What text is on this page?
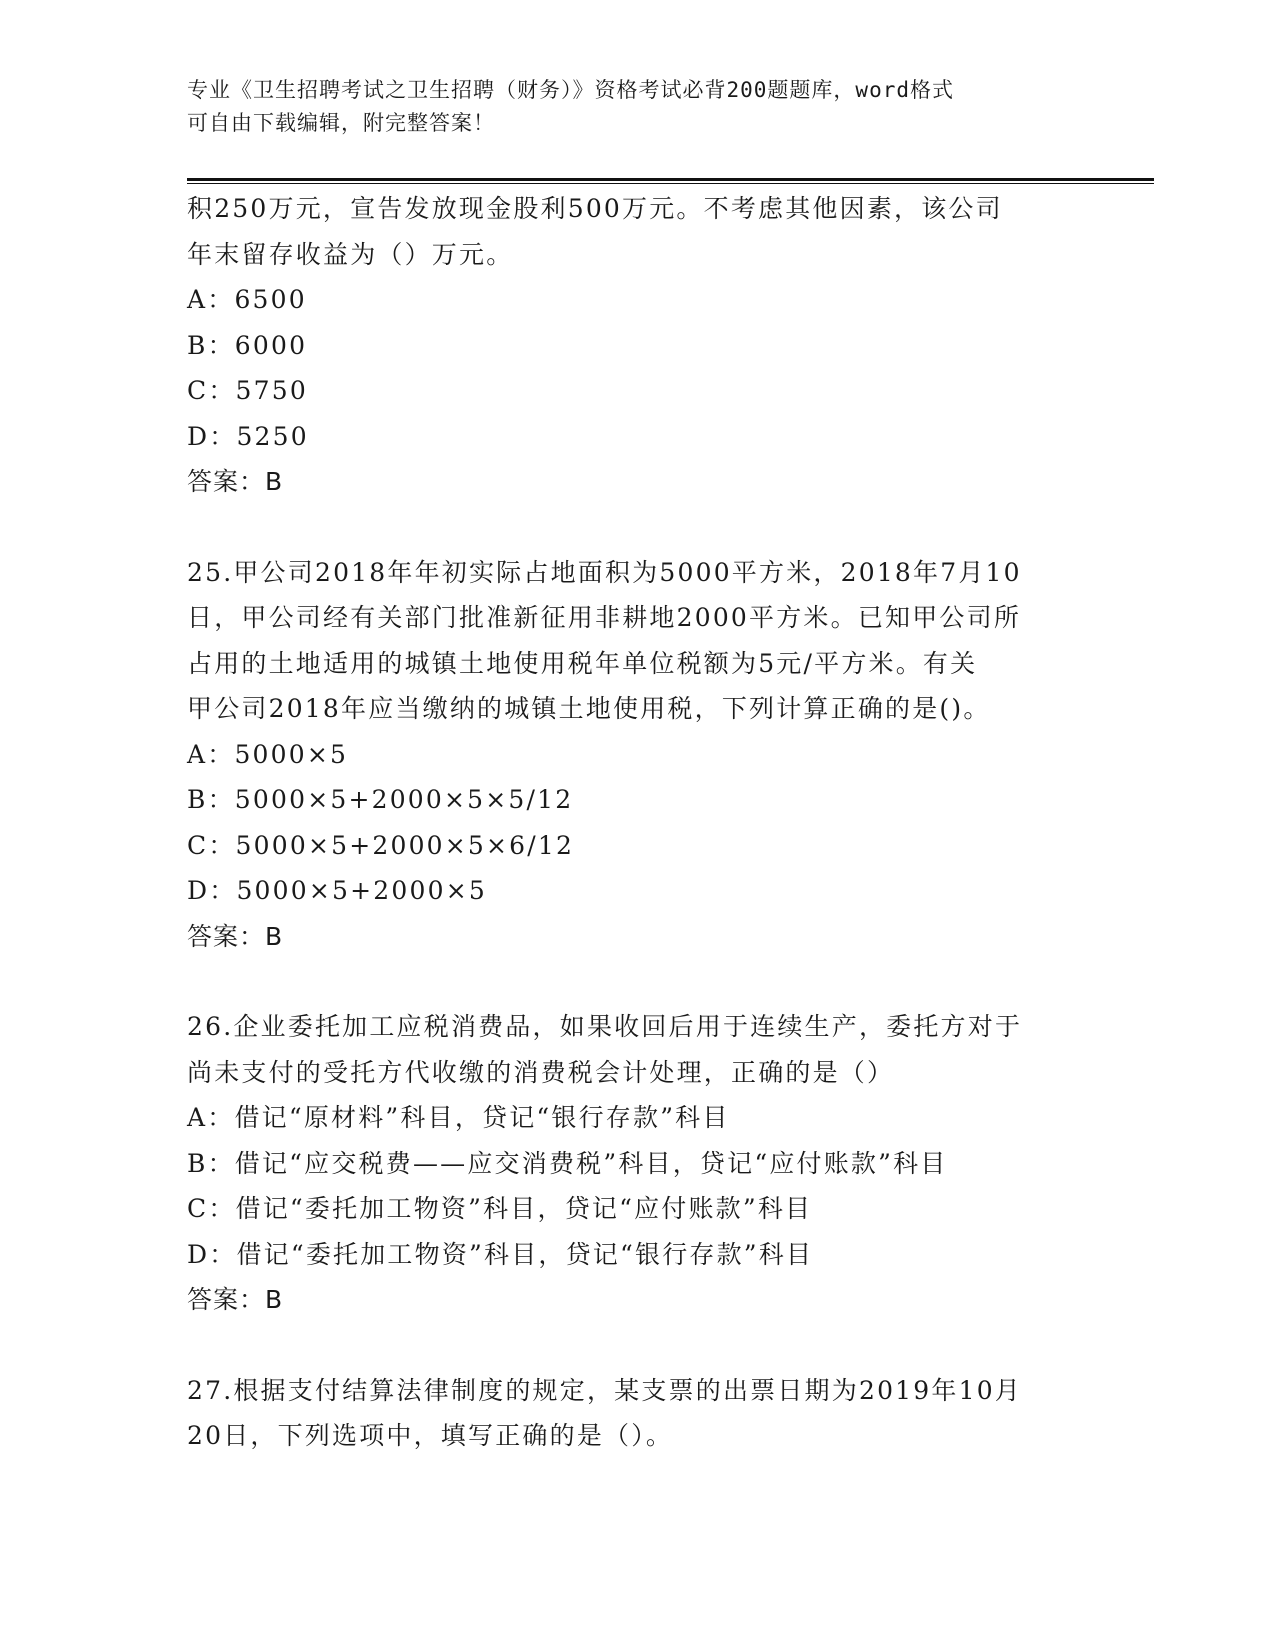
专业《卫生招聘考试之卫生招聘（财务）》资格考试必背200题题库，word格式
可自由下载编辑，附完整答案！
积250万元，宣告发放现金股利500万元。不考虑其他因素，该公司
年末留存收益为（）万元。
A：6500
B：6000
C：5750
D：5250
答案：B
25.甲公司2018年年初实际占地面积为5000平方米，2018年7月10
日，甲公司经有关部门批准新征用非耕地2000平方米。已知甲公司所
占用的土地适用的城镇土地使用税年单位税额为5元/平方米。有关
甲公司2018年应当缴纳的城镇土地使用税，下列计算正确的是()。
A：5000×5
B：5000×5+2000×5×5/12
C：5000×5+2000×5×6/12
D：5000×5+2000×5
答案：B
26.企业委托加工应税消费品，如果收回后用于连续生产，委托方对于
尚未支付的受托方代收缴的消费税会计处理，正确的是（）
A：借记“原材料”科目，贷记“银行存款”科目
B：借记“应交税费——应交消费税”科目，贷记“应付账款”科目
C：借记“委托加工物资”科目，贷记“应付账款”科目
D：借记“委托加工物资”科目，贷记“银行存款”科目
答案：B
27.根据支付结算法律制度的规定，某支票的出票日期为2019年10月
20日，下列选项中，填写正确的是（）。
